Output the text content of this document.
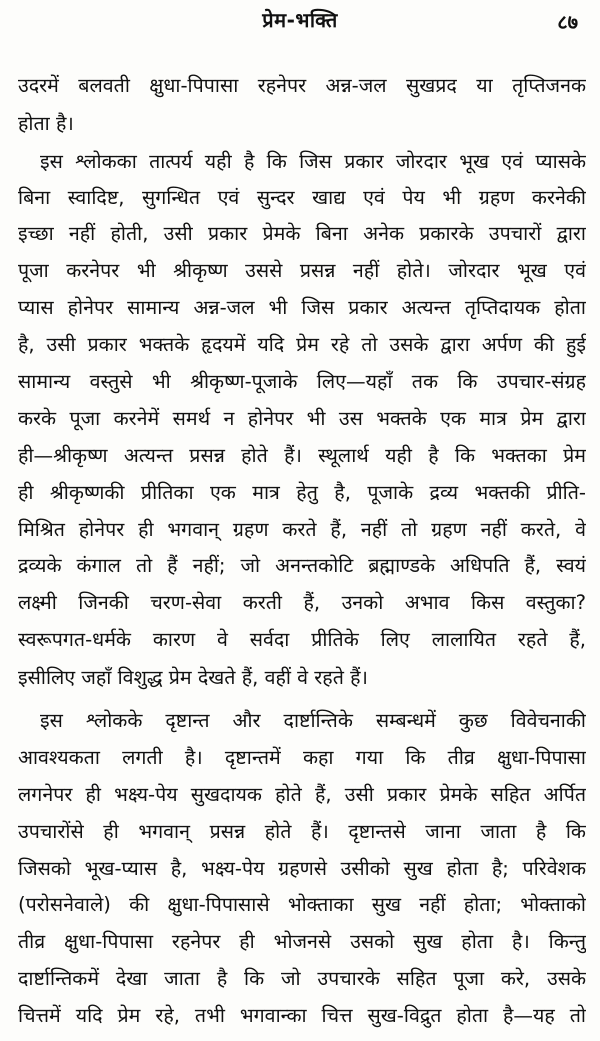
प्रेम-भक्ति	८७
उदरमें बलवती क्षुधा-पिपासा रहनेपर अन्न-जल सुखप्रद या तृप्तिजनक
होता है।
इस श्लोकका तात्पर्य यही है कि जिस प्रकार जोरदार भूख एवं प्यासके
बिना स्वादिष्ट, सुगन्धित एवं सुन्दर खाद्य एवं पेय भी ग्रहण करनेकी
इच्छा नहीं होती, उसी प्रकार प्रेमके बिना अनेक प्रकारके उपचारों द्वारा
पूजा करनेपर भी श्रीकृष्ण उससे प्रसन्न नहीं होते। जोरदार भूख एवं
प्यास होनेपर सामान्य अन्न-जल भी जिस प्रकार अत्यन्त तृप्तिदायक होता
है, उसी प्रकार भक्तके हृदयमें यदि प्रेम रहे तो उसके द्वारा अर्पण की हुई
सामान्य वस्तुसे भी श्रीकृष्ण-पूजाके लिए—यहाँ तक कि उपचार-संग्रह
करके पूजा करनेमें समर्थ न होनेपर भी उस भक्तके एक मात्र प्रेम द्वारा
ही—श्रीकृष्ण अत्यन्त प्रसन्न होते हैं। स्थूलार्थ यही है कि भक्तका प्रेम
ही श्रीकृष्णकी प्रीतिका एक मात्र हेतु है, पूजाके द्रव्य भक्तकी प्रीति-
मिश्रित होनेपर ही भगवान् ग्रहण करते हैं, नहीं तो ग्रहण नहीं करते, वे
द्रव्यके कंगाल तो हैं नहीं; जो अनन्तकोटि ब्रह्माण्डके अधिपति हैं, स्वयं
लक्ष्मी जिनकी चरण-सेवा करती हैं, उनको अभाव किस वस्तुका?
स्वरूपगत-धर्मके कारण वे सर्वदा प्रीतिके लिए लालायित रहते हैं,
इसीलिए जहाँ विशुद्ध प्रेम देखते हैं, वहीं वे रहते हैं।
इस श्लोकके दृष्टान्त और दार्ष्टान्तिके सम्बन्धमें कुछ विवेचनाकी
आवश्यकता लगती है। दृष्टान्तमें कहा गया कि तीव्र क्षुधा-पिपासा
लगनेपर ही भक्ष्य-पेय सुखदायक होते हैं, उसी प्रकार प्रेमके सहित अर्पित
उपचारोंसे ही भगवान् प्रसन्न होते हैं। दृष्टान्तसे जाना जाता है कि
जिसको भूख-प्यास है, भक्ष्य-पेय ग्रहणसे उसीको सुख होता है; परिवेशक
(परोसनेवाले) की क्षुधा-पिपासासे भोक्ताका सुख नहीं होता; भोक्ताको
तीव्र क्षुधा-पिपासा रहनेपर ही भोजनसे उसको सुख होता है। किन्तु
दार्ष्टान्तिकमें देखा जाता है कि जो उपचारके सहित पूजा करे, उसके
चित्तमें यदि प्रेम रहे, तभी भगवान्का चित्त सुख-विद्रुत होता है—यह तो
